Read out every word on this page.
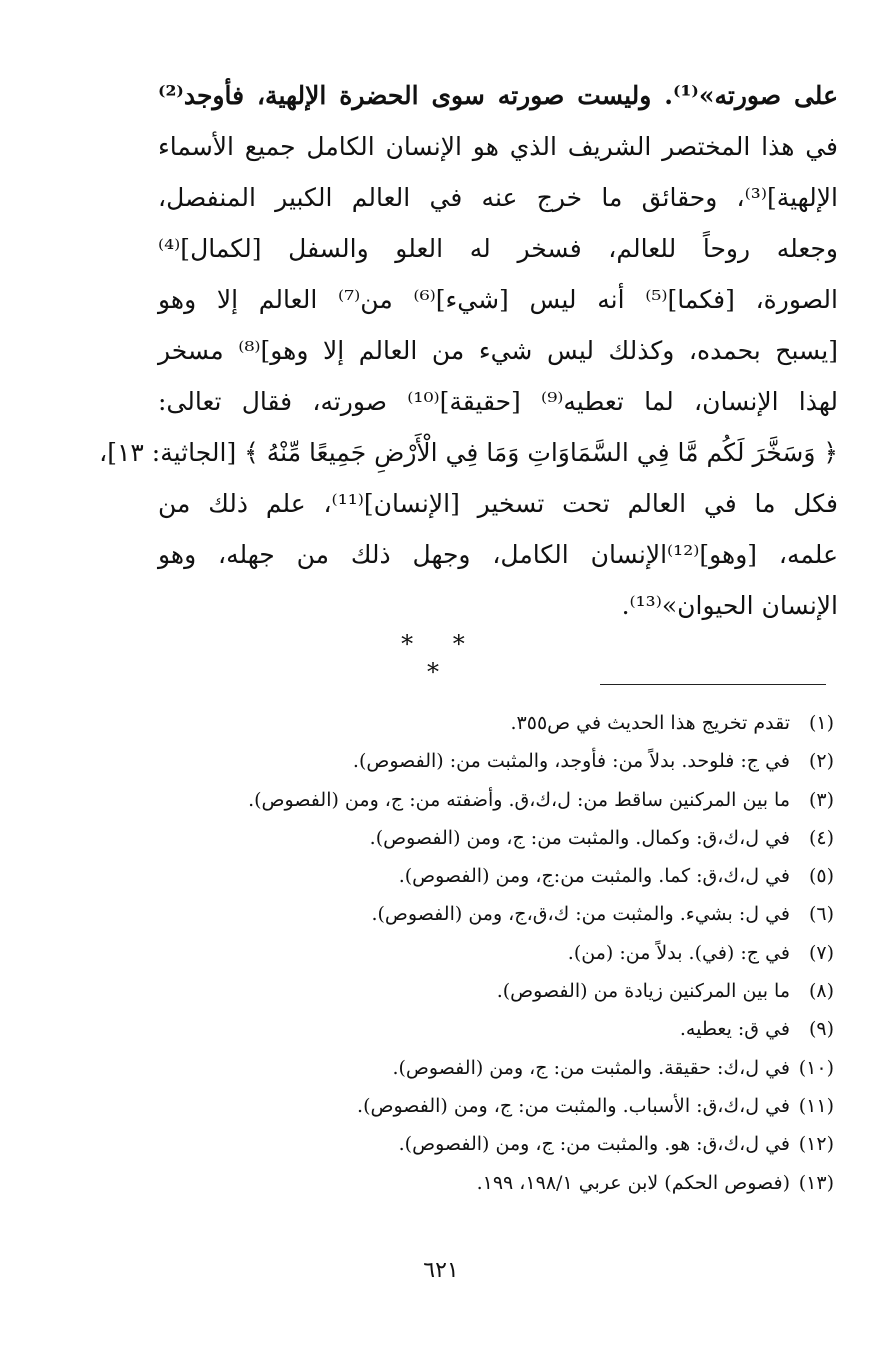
على صورته»⁽¹⁾. وليست صورته سوى الحضرة الإلهية، فأوجد⁽²⁾
في هذا المختصر الشريف الذي هو الإنسان الكامل جميع الأسماء
الإلهية]⁽³⁾، وحقائق ما خرج عنه في العالم الكبير المنفصل،
وجعله روحاً للعالم، فسخر له العلو والسفل [لكمال]⁽⁴⁾
الصورة، [فكما]⁽⁵⁾ أنه ليس [شيء]⁽⁶⁾ من⁽⁷⁾ العالم إلا وهو
[يسبح بحمده، وكذلك ليس شيء من العالم إلا وهو]⁽⁸⁾ مسخر
لهذا الإنسان، لما تعطيه⁽⁹⁾ [حقيقة]⁽¹⁰⁾ صورته، فقال تعالى:
﴿ وَسَخَّرَ لَكُم مَّا فِي السَّمَاوَاتِ وَمَا فِي الْأَرْضِ جَمِيعًا مِّنْهُ ﴾ [الجاثية: ١٣]،
فكل ما في العالم تحت تسخير [الإنسان]⁽¹¹⁾، علم ذلك من
علمه، [وهو]⁽¹²⁾الإنسان الكامل، وجهل ذلك من جهله، وهو
الإنسان الحيوان»⁽¹³⁾.
* * *
(١)تقدم تخريج هذا الحديث في ص٣٥٥.
(٢)في ج: فلوحد. بدلاً من: فأوجد، والمثبت من: (الفصوص).
(٣)ما بين المركنين ساقط من: ل،ك،ق. وأضفته من: ج، ومن (الفصوص).
(٤)في ل،ك،ق: وكمال. والمثبت من: ج، ومن (الفصوص).
(٥)في ل،ك،ق: كما. والمثبت من:ج، ومن (الفصوص).
(٦)في ل: بشيء. والمثبت من: ك،ق،ج، ومن (الفصوص).
(٧)في ج: (في). بدلاً من: (من).
(٨)ما بين المركنين زيادة من (الفصوص).
(٩)في ق: يعطيه.
(١٠)في ل،ك: حقيقة. والمثبت من: ج، ومن (الفصوص).
(١١)في ل،ك،ق: الأسباب. والمثبت من: ج، ومن (الفصوص).
(١٢)في ل،ك،ق: هو. والمثبت من: ج، ومن (الفصوص).
(١٣)(فصوص الحكم) لابن عربي ١٩٨/١، ١٩٩.
٦٢١
